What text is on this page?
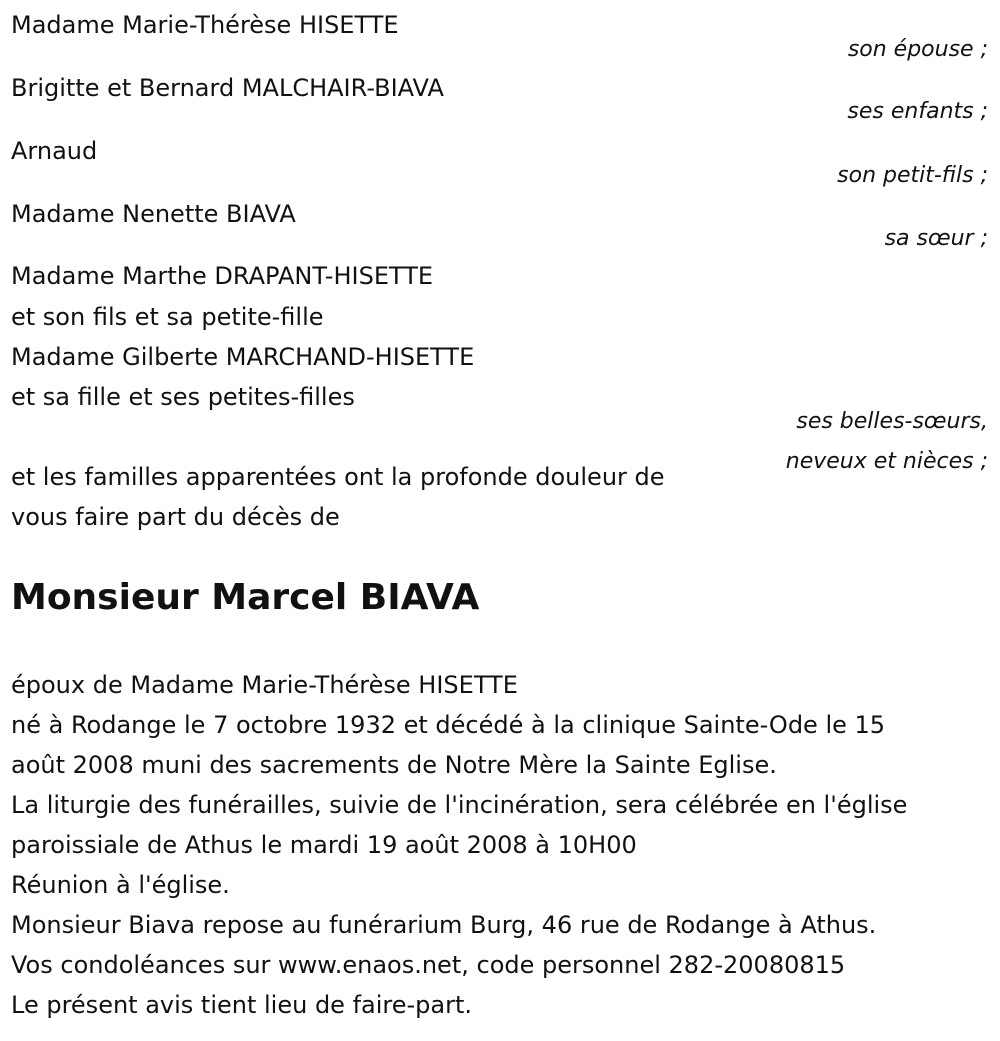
Madame Marie-Thérèse HISETTE
son épouse ;
Brigitte et Bernard MALCHAIR-BIAVA
ses enfants ;
Arnaud
son petit-fils ;
Madame Nenette BIAVA
sa sœur ;
Madame Marthe DRAPANT-HISETTE
et son fils et sa petite-fille
Madame Gilberte MARCHAND-HISETTE
et sa fille et ses petites-filles
ses belles-sœurs,
neveux et nièces ;
et les familles apparentées ont la profonde douleur de
vous faire part du décès de
Monsieur Marcel BIAVA
époux de Madame Marie-Thérèse HISETTE
né à Rodange le 7 octobre 1932 et décédé à la clinique Sainte-Ode le 15
août 2008 muni des sacrements de Notre Mère la Sainte Eglise.
La liturgie des funérailles, suivie de l'incinération, sera célébrée en l'église
paroissiale de Athus le mardi 19 août 2008 à 10H00
Réunion à l'église.
Monsieur Biava repose au funérarium Burg, 46 rue de Rodange à Athus.
Vos condoléances sur www.enaos.net, code personnel 282-20080815
Le présent avis tient lieu de faire-part.
